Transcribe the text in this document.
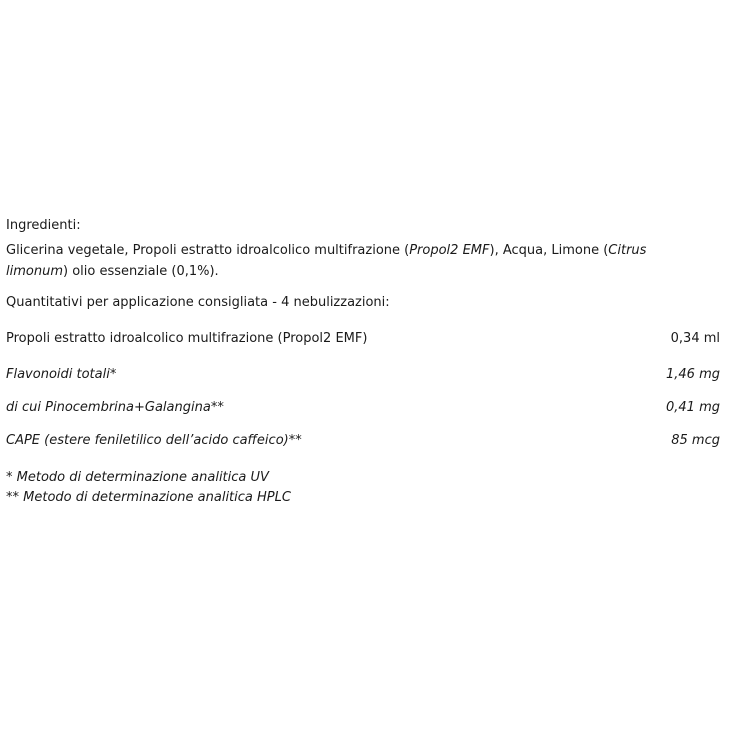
Ingredienti:

Glicerina vegetale, Propoli estratto idroalcolico multifrazione (Propol2 EMF), Acqua, Limone (Citrus limonum) olio essenziale (0,1%).

Quantitativi per applicazione consigliata - 4 nebulizzazioni:
Propoli estratto idroalcolico multifrazione (Propol2 EMF)	0,34 ml
Flavonoidi totali*	1,46 mg
di cui Pinocembrina+Galangina**	0,41 mg
CAPE (estere feniletilico dell’acido caffeico)**	85 mcg
* Metodo di determinazione analitica UV
** Metodo di determinazione analitica HPLC
